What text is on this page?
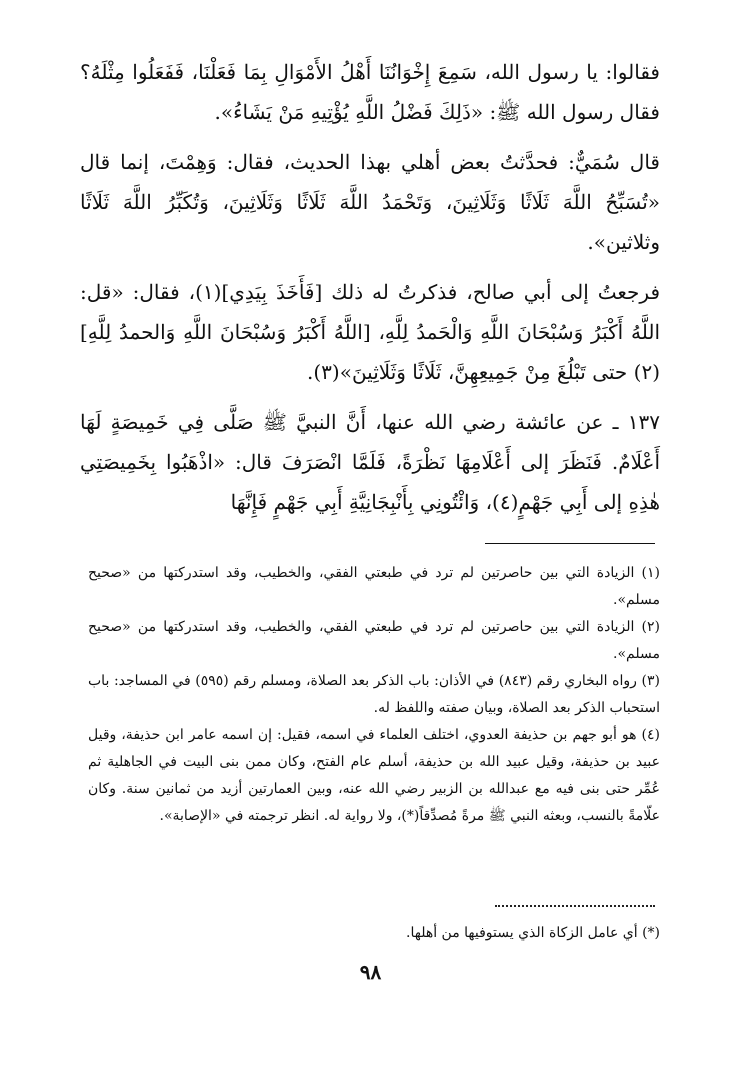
فقالوا: يا رسول الله، سَمِعَ إِخْوَانُنَا أَهْلُ الأَمْوَالِ بِمَا فَعَلْنَا، فَفَعَلُوا مِثْلَهُ؟ فقال رسول الله ﷺ: «ذَلِكَ فَضْلُ اللَّهِ يُؤْتِيهِ مَنْ يَشَاءُ».

قال سُمَيٌّ: فحدَّثتُ بعض أهلي بهذا الحديث، فقال: وَهِمْتَ، إنما قال «تُسَبِّحُ اللَّهَ ثَلَاثًا وَثَلَاثِينَ، وَتَحْمَدُ اللَّهَ ثَلَاثًا وَثَلَاثِينَ، وَتُكَبِّرُ اللَّهَ ثَلَاثًا وثلاثين».

فرجعتُ إلى أبي صالح، فذكرتُ له ذلك [فَأَخَذَ بِيَدِي](١)، فقال: «قل: اللَّهُ أَكْبَرُ وَسُبْحَانَ اللَّهِ وَالْحَمدُ لِلَّهِ، [اللَّهُ أَكْبَرُ وَسُبْحَانَ اللَّهِ وَالحمدُ لِلَّهِ](٢) حتى تَبْلُغَ مِنْ جَمِيعِهِنَّ، ثَلَاثًا وَثَلَاثِينَ»(٣).

١٣٧ ـ عن عائشة رضي الله عنها، أَنَّ النبيَّ ﷺ صَلَّى فِي خَمِيصَةٍ لَهَا أَعْلَامٌ. فَنَظَرَ إلى أَعْلَامِهَا نَظْرَةً، فَلَمَّا انْصَرَفَ قال: «اذْهَبُوا بِخَمِيصَتِي هٰذِهِ إلى أَبِي جَهْمٍ(٤)، وَائْتُونِي بِأَنْبِجَانِيَّةِ أَبِي جَهْمٍ فَإِنَّهَا

(١) الزيادة التي بين حاصرتين لم ترد في طبعتي الفقي، والخطيب، وقد استدركتها من «صحيح مسلم».

(٢) الزيادة التي بين حاصرتين لم ترد في طبعتي الفقي، والخطيب، وقد استدركتها من «صحيح مسلم».

(٣) رواه البخاري رقم (٨٤٣) في الأذان: باب الذكر بعد الصلاة، ومسلم رقم (٥٩٥) في المساجد: باب استحباب الذكر بعد الصلاة، وبيان صفته واللفظ له.

(٤) هو أبو جهم بن حذيفة العدوي، اختلف العلماء في اسمه، فقيل: إن اسمه عامر ابن حذيفة، وقيل عبيد بن حذيفة، وقيل عبيد الله بن حذيفة، أسلم عام الفتح، وكان ممن بنى البيت في الجاهلية ثم عُمِّر حتى بنى فيه مع عبدالله بن الزبير رضي الله عنه، وبين العمارتين أزيد من ثمانين سنة. وكان علّامةً بالنسب، وبعثه النبي ﷺ مرةً مُصدِّقاً(*)، ولا رواية له. انظر ترجمته في «الإصابة».

(*) أي عامل الزكاة الذي يستوفيها من أهلها.

٩٨
